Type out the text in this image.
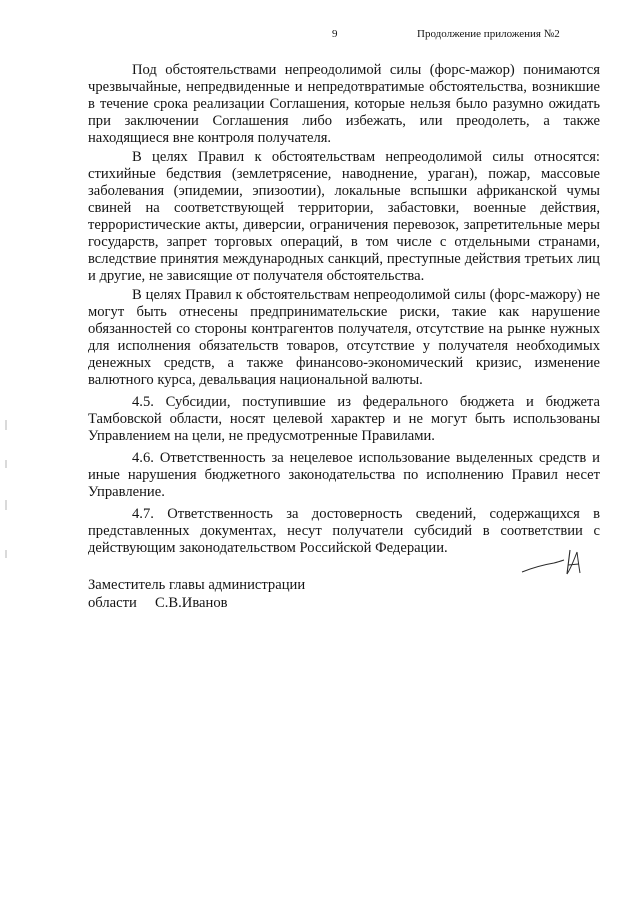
9	Продолжение приложения №2

Под обстоятельствами непреодолимой силы (форс-мажор) понимаются чрезвычайные, непредвиденные и непредотвратимые обстоятельства, возникшие в течение срока реализации Соглашения, которые нельзя было разумно ожидать при заключении Соглашения либо избежать, или преодолеть, а также находящиеся вне контроля получателя.

В целях Правил к обстоятельствам непреодолимой силы относятся: стихийные бедствия (землетрясение, наводнение, ураган), пожар, массовые заболевания (эпидемии, эпизоотии), локальные вспышки африканской чумы свиней на соответствующей территории, забастовки, военные действия, террористические акты, диверсии, ограничения перевозок, запретительные меры государств, запрет торговых операций, в том числе с отдельными странами, вследствие принятия международных санкций, преступные действия третьих лиц и другие, не зависящие от получателя обстоятельства.

В целях Правил к обстоятельствам непреодолимой силы (форс-мажору) не могут быть отнесены предпринимательские риски, такие как нарушение обязанностей со стороны контрагентов получателя, отсутствие на рынке нужных для исполнения обязательств товаров, отсутствие у получателя необходимых денежных средств, а также финансово-экономический кризис, изменение валютного курса, девальвация национальной валюты.

4.5. Субсидии, поступившие из федерального бюджета и бюджета Тамбовской области, носят целевой характер и не могут быть использованы Управлением на цели, не предусмотренные Правилами.

4.6. Ответственность за нецелевое использование выделенных средств и иные нарушения бюджетного законодательства по исполнению Правил несет Управление.

4.7. Ответственность за достоверность сведений, содержащихся в представленных документах, несут получатели субсидий в соответствии с действующим законодательством Российской Федерации.

Заместитель главы администрации
области С.В.Иванов
